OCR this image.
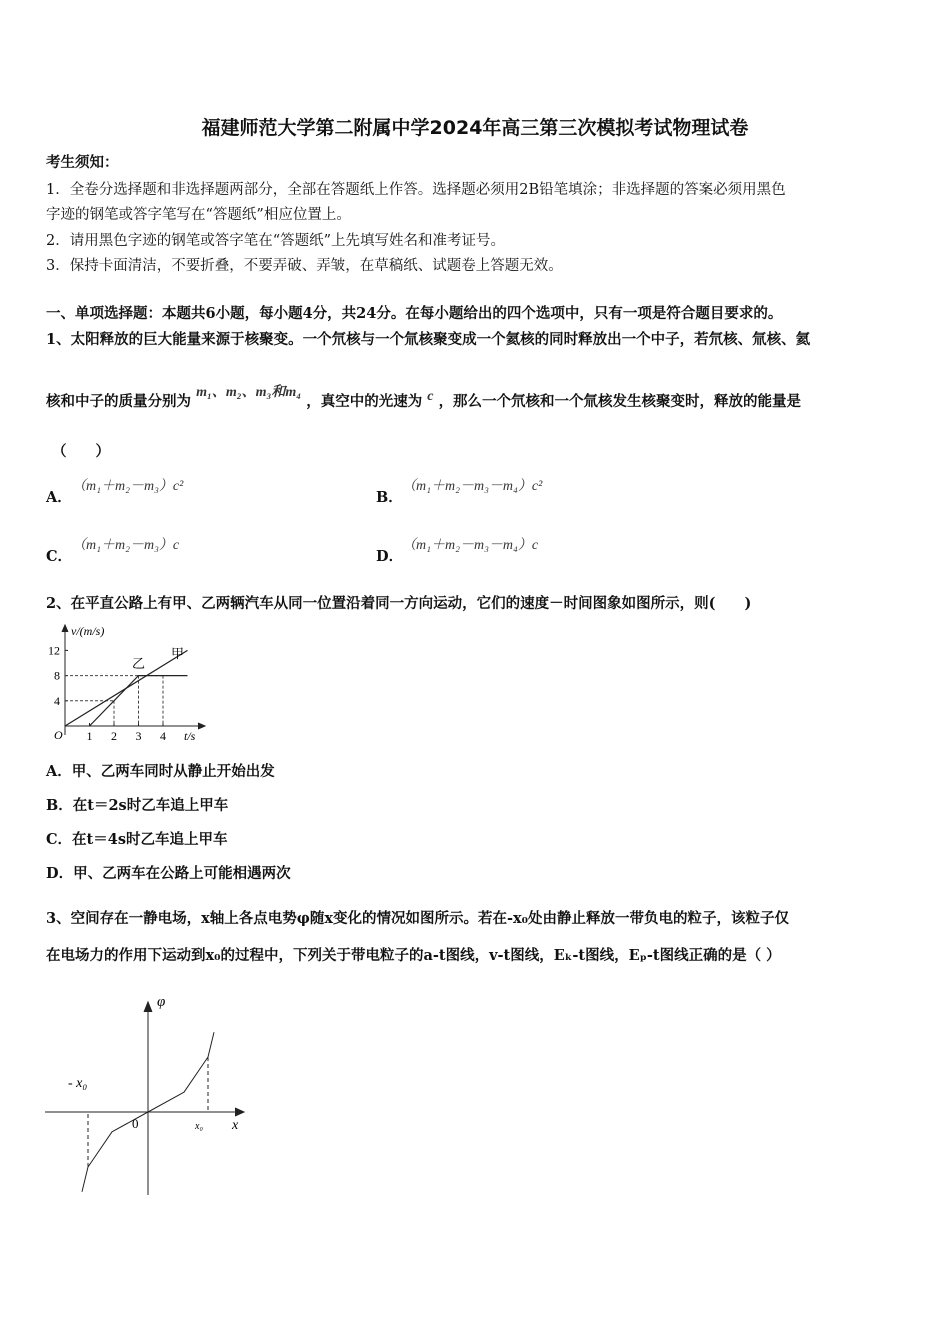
福建师范大学第二附属中学2024年高三第三次模拟考试物理试卷
考生须知：
1．全卷分选择题和非选择题两部分，全部在答题纸上作答。选择题必须用2B铅笔填涂；非选择题的答案必须用黑色
字迹的钢笔或答字笔写在“答题纸”相应位置上。
2．请用黑色字迹的钢笔或答字笔在“答题纸”上先填写姓名和准考证号。
3．保持卡面清洁，不要折叠，不要弄破、弄皱，在草稿纸、试题卷上答题无效。
一、单项选择题：本题共6小题，每小题4分，共24分。在每小题给出的四个选项中，只有一项是符合题目要求的。
1、太阳释放的巨大能量来源于核聚变。一个氘核与一个氚核聚变成一个氦核的同时释放出一个中子，若氘核、氚核、氦
核和中子的质量分别为 m₁、m₂、m₃和m₄ ，真空中的光速为 c ，那么一个氘核和一个氚核发生核聚变时，释放的能量是
（　　）
A．
（m₁＋m₂－m₃）c²
B．
（m₁＋m₂－m₃－m₄）c²
C．
（m₁＋m₂－m₃）c
D．
（m₁＋m₂－m₃－m₄）c
2、在平直公路上有甲、乙两辆汽车从同一位置沿着同一方向运动，它们的速度－时间图象如图所示，则(　　)
4
8
12
1 2 3 4
v/(m/s)
t/s
O
甲
乙
A．甲、乙两车同时从静止开始出发
B．在t＝2s时乙车追上甲车
C．在t＝4s时乙车追上甲车
D．甲、乙两车在公路上可能相遇两次
3、空间存在一静电场，x轴上各点电势φ随x变化的情况如图所示。若在-x₀处由静止释放一带负电的粒子，该粒子仅
在电场力的作用下运动到x₀的过程中，下列关于带电粒子的a-t图线，v-t图线，Eₖ-t图线，Eₚ-t图线正确的是（ ）
φ
x
- x₀
0	x₀
